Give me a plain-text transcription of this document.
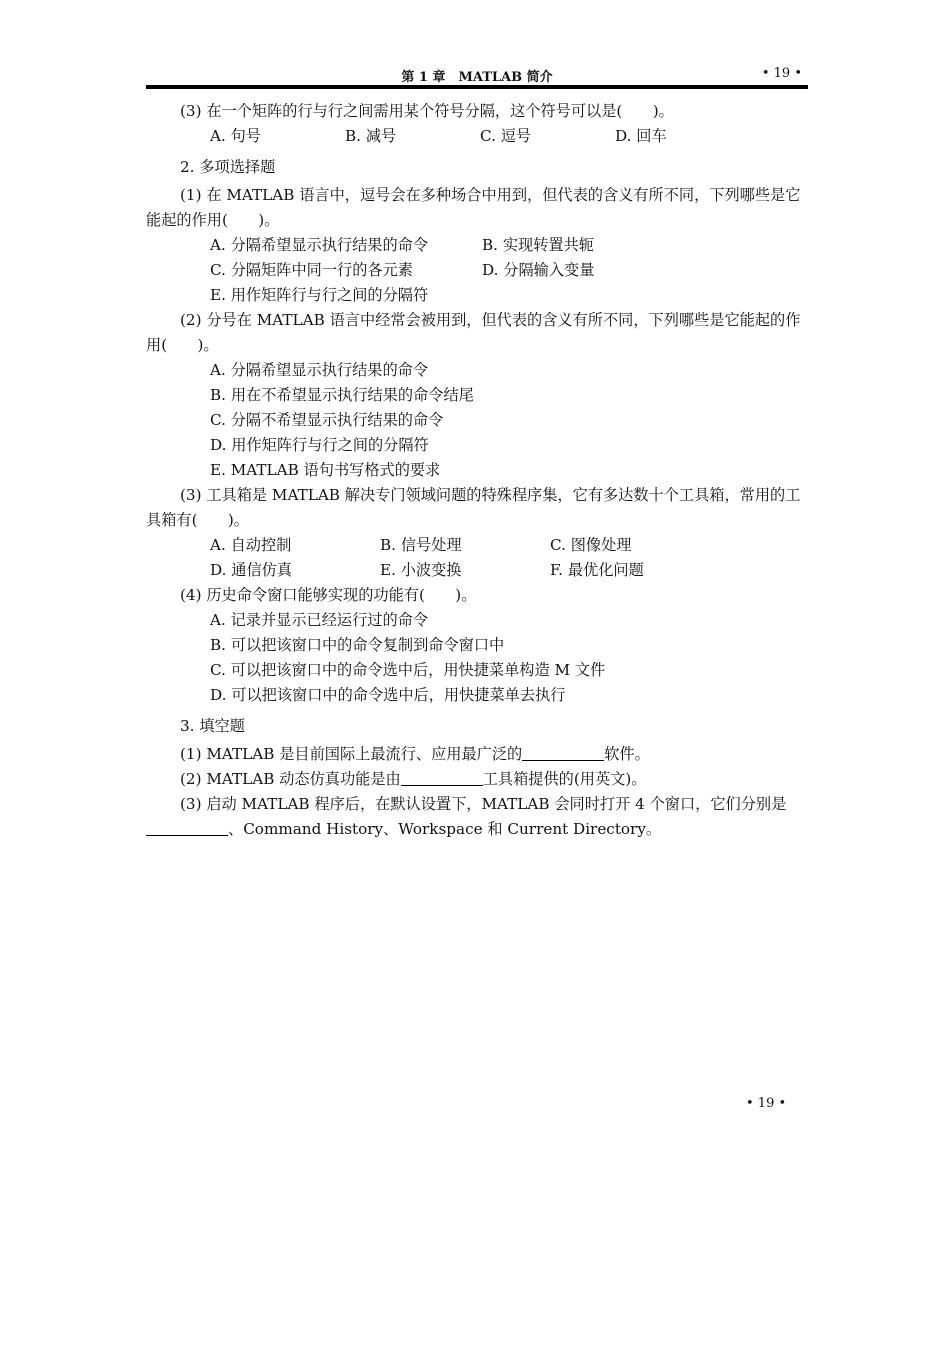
第 1 章　MATLAB 简介	• 19 •
(3) 在一个矩阵的行与行之间需用某个符号分隔，这个符号可以是(　　)。
A. 句号	B. 减号	C. 逗号	D. 回车
2. 多项选择题
(1) 在 MATLAB 语言中，逗号会在多种场合中用到，但代表的含义有所不同，下列哪些是它能起的作用(　　)。
A. 分隔希望显示执行结果的命令	B. 实现转置共轭
C. 分隔矩阵中同一行的各元素	D. 分隔输入变量
E. 用作矩阵行与行之间的分隔符
(2) 分号在 MATLAB 语言中经常会被用到，但代表的含义有所不同，下列哪些是它能起的作用(　　)。
A. 分隔希望显示执行结果的命令
B. 用在不希望显示执行结果的命令结尾
C. 分隔不希望显示执行结果的命令
D. 用作矩阵行与行之间的分隔符
E. MATLAB 语句书写格式的要求
(3) 工具箱是 MATLAB 解决专门领域问题的特殊程序集，它有多达数十个工具箱，常用的工具箱有(　　)。
A. 自动控制	B. 信号处理	C. 图像处理
D. 通信仿真	E. 小波变换	F. 最优化问题
(4) 历史命令窗口能够实现的功能有(　　)。
A. 记录并显示已经运行过的命令
B. 可以把该窗口中的命令复制到命令窗口中
C. 可以把该窗口中的命令选中后，用快捷菜单构造 M 文件
D. 可以把该窗口中的命令选中后，用快捷菜单去执行
3. 填空题
(1) MATLAB 是目前国际上最流行、应用最广泛的	软件。
(2) MATLAB 动态仿真功能是由	工具箱提供的(用英文)。
(3) 启动 MATLAB 程序后，在默认设置下，MATLAB 会同时打开 4 个窗口，它们分别是、Command History、Workspace 和 Current Directory。
• 19 •
